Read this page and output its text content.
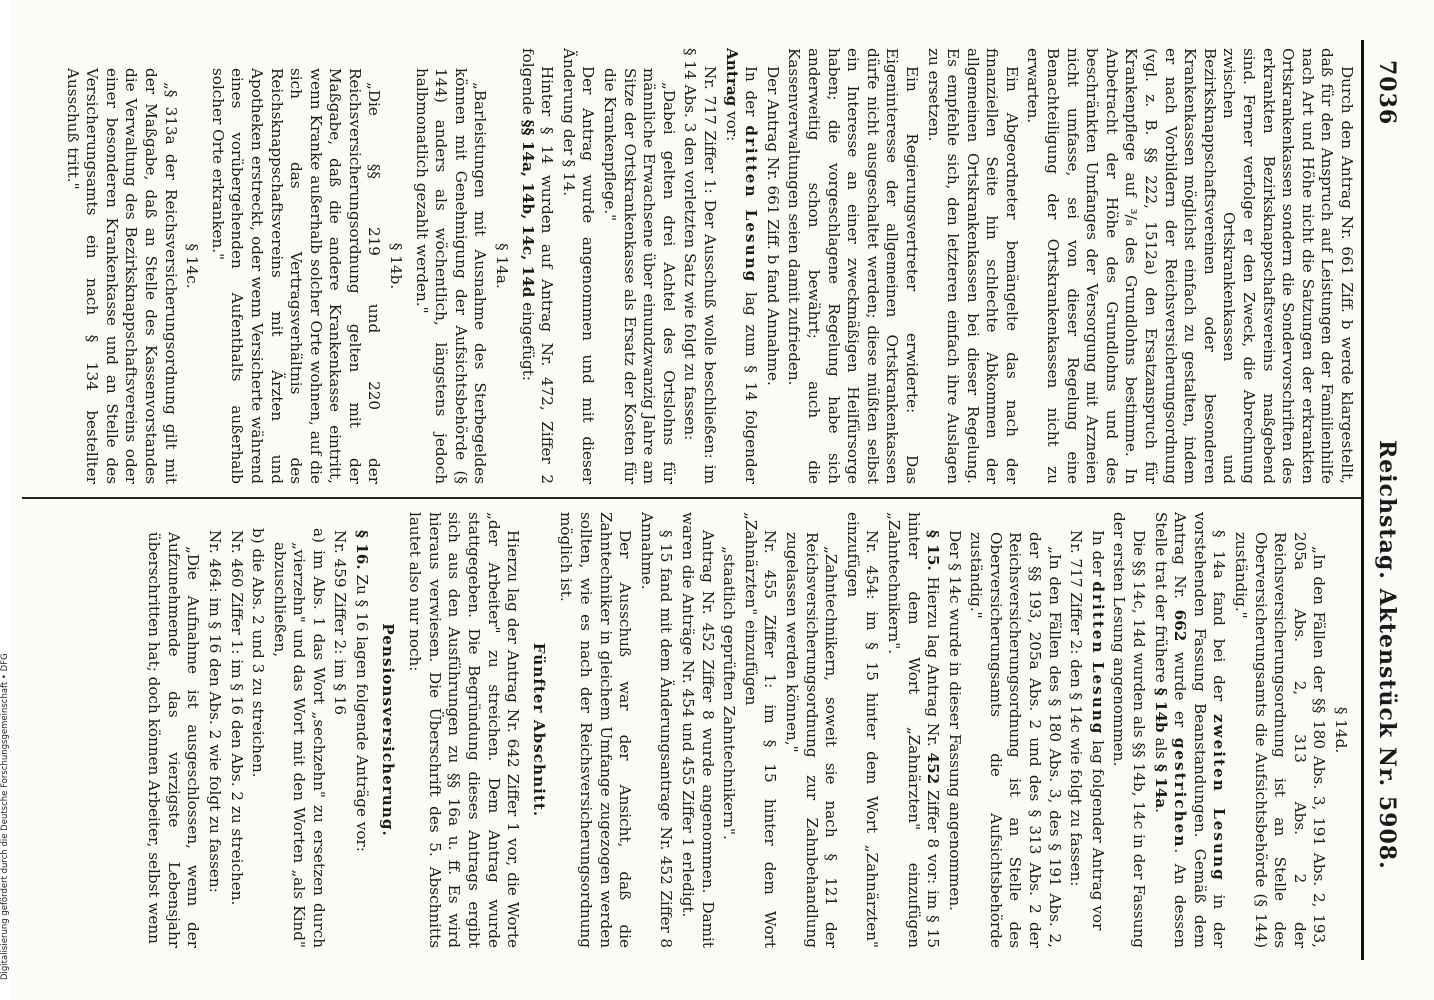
7036
Reichstag. Aktenstück Nr. 5908.

Durch den Antrag Nr. 661 Ziff. b werde klargestellt, daß für den Anspruch auf Leistungen der Familienhilfe nach Art und Höhe nicht die Satzungen der erkrankten Ortskrankenkassen sondern die Sondervorschriften des erkrankten Bezirksknappschaftsvereins maßgebend sind. Ferner verfolge er den Zweck, die Abrechnung zwischen Ortskrankenkassen und Bezirksknappschaftsvereinen oder besonderen Krankenkassen möglichst einfach zu gestalten, indem er nach Vorbildern der Reichsversicherungsordnung (vgl. z. B. §§ 222, 1512a) den Ersatzanspruch für Krankenpflege auf ³/₈ des Grundlohns bestimme. In Anbetracht der Höhe des Grundlohns und des beschränkten Umfanges der Versorgung mit Arzneien nicht umfasse, sei von dieser Regelung eine Benachteiligung der Ortskrankenkassen nicht zu erwarten.

Ein Abgeordneter bemängelte das nach der finanziellen Seite hin schlechte Abkommen der allgemeinen Ortskrankenkassen bei dieser Regelung. Es empfehle sich, den letzteren einfach ihre Auslagen zu ersetzen.

Ein Regierungsvertreter erwiderte: Das Eigeninteresse der allgemeinen Ortskrankenkassen dürfe nicht ausgeschaltet werden; diese müßten selbst ein Interesse an einer zweckmäßigen Heilfürsorge haben; die vorgeschlagene Regelung habe sich anderweitig schon bewährt; auch die Kassenverwaltungen seien damit zufrieden.

Der Antrag Nr. 661 Ziff. b fand Annahme.

In der dritten Lesung lag zum § 14 folgender Antrag vor:

Nr. 717 Ziffer 1: Der Ausschuß wolle beschließen: im § 14 Abs. 3 den vorletzten Satz wie folgt zu fassen:

„Dabei gelten drei Achtel des Ortslohns für männliche Erwachsene über einundzwanzig Jahre am Sitze der Ortskrankenkasse als Ersatz der Kosten für die Krankenpflege."

Der Antrag wurde angenommen und mit dieser Änderung der § 14.

Hinter § 14 wurden auf Antrag Nr. 472, Ziffer 2 folgende §§ 14a, 14b, 14c, 14d eingefügt:

§ 14a.

„Barleistungen mit Ausnahme des Sterbegeldes können mit Genehmigung der Aufsichtsbehörde (§ 144) anders als wöchentlich, längstens jedoch halbmonatlich gezahlt werden."

§ 14b.

„Die §§ 219 und 220 der Reichsversicherungsordnung gelten mit der Maßgabe, daß die andere Krankenkasse eintritt, wenn Kranke außerhalb solcher Orte wohnen, auf die sich das Vertragsverhältnis des Reichsknappschaftsvereins mit Ärzten und Apotheken erstreckt, oder wenn Versicherte während eines vorübergehenden Aufenthalts außerhalb solcher Orte erkranken."

§ 14c.

„§ 313a der Reichsversicherungsordnung gilt mit der Maßgabe, daß an Stelle des Kassenvorstandes die Verwaltung des Bezirksknappschaftsvereins oder einer besonderen Krankenkasse und an Stelle des Versicherungsamts ein nach § 134 bestellter Ausschuß tritt."

§ 14d.

„In den Fällen der §§ 180 Abs. 3, 191 Abs. 2, 193, 205a Abs. 2, 313 Abs. 2 der Reichsversicherungsordnung ist an Stelle des Oberversicherungsamts die Aufsichtsbehörde (§ 144) zuständig."

§ 14a fand bei der zweiten Lesung in der vorstehenden Fassung Beanstandungen. Gemäß dem Antrag Nr. 662 wurde er gestrichen. An dessen Stelle trat der frühere § 14b als § 14a.

Die §§ 14c, 14d wurden als §§ 14b, 14c in der Fassung der ersten Lesung angenommen.

In der dritten Lesung lag folgender Antrag vor

Nr. 717 Ziffer 2: den § 14c wie folgt zu fassen:

„In den Fällen des § 180 Abs. 3, des § 191 Abs. 2, der §§ 193, 205a Abs. 2 und des § 313 Abs. 2 der Reichsversicherungsordnung ist an Stelle des Oberversicherungsamts die Aufsichtsbehörde zuständig."

Der § 14c wurde in dieser Fassung angenommen.

§ 15. Hierzu lag Antrag Nr. 452 Ziffer 8 vor: im § 15 hinter dem Wort „Zahnärzten" einzufügen „Zahntechnikern".

Nr. 454: im § 15 hinter dem Wort „Zahnärzten" einzufügen

„Zahntechnikern, soweit sie nach § 121 der Reichsversicherungsordnung zur Zahnbehandlung zugelassen werden können,"

Nr. 455 Ziffer 1: im § 15 hinter dem Wort „Zahnärzten" einzufügen

„staatlich geprüften Zahntechnikern".

Antrag Nr. 452 Ziffer 8 wurde angenommen. Damit waren die Anträge Nr. 454 und 455 Ziffer 1 erledigt.

§ 15 fand mit dem Änderungsantrage Nr. 452 Ziffer 8 Annahme.

Der Ausschuß war der Ansicht, daß die Zahntechniker in gleichem Umfange zugezogen werden sollten, wie es nach der Reichsversicherungsordnung möglich ist.

Fünfter Abschnitt.

Hierzu lag der Antrag Nr. 642 Ziffer 1 vor, die Worte „der Arbeiter" zu streichen. Dem Antrag wurde stattgegeben. Die Begründung dieses Antrags ergibt sich aus den Ausführungen zu §§ 16a u. ff. Es wird hieraus verwiesen. Die Überschrift des 5. Abschnitts lautet also nur noch:

Pensionsversicherung.

§ 16. Zu § 16 lagen folgende Anträge vor:

Nr. 459 Ziffer 2: im § 16

a) im Abs. 1 das Wort „sechzehn" zu ersetzen durch „vierzehn" und das Wort mit den Worten „als Kind" abzuschließen,

b) die Abs. 2 und 3 zu streichen.

Nr. 460 Ziffer 1: im § 16 den Abs. 2 zu streichen.

Nr. 464: im § 16 den Abs. 2 wie folgt zu fassen:

„Die Aufnahme ist ausgeschlossen, wenn der Aufzunehmende das vierzigste Lebensjahr überschritten hat; doch können Arbeiter, selbst wenn

Digitalisierung gefördert durch die Deutsche Forschungsgemeinschaft • DFG
